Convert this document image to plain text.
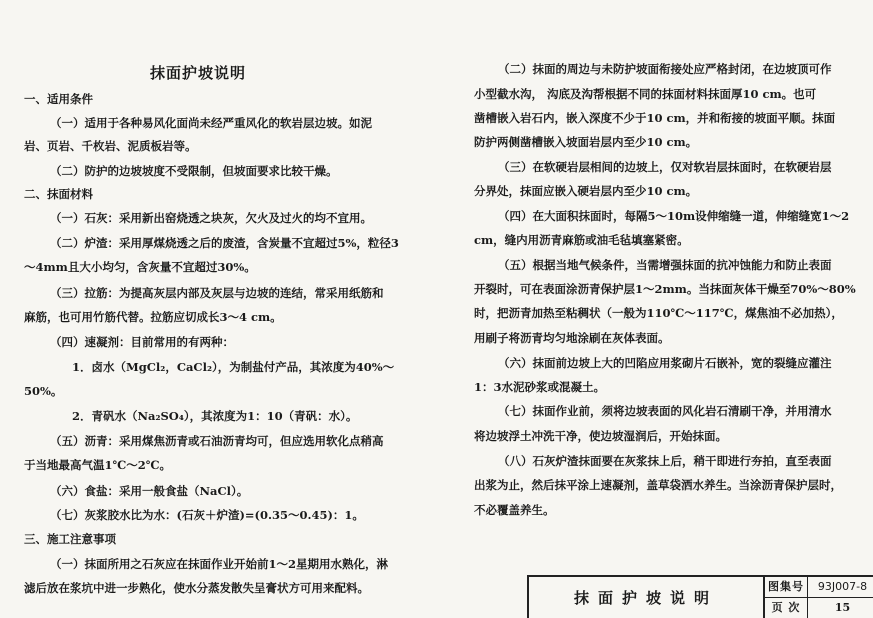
抹面护坡说明
一、适用条件
（一）适用于各种易风化面尚未经严重风化的软岩层边坡。如泥
岩、页岩、千枚岩、泥质板岩等。
（二）防护的边坡坡度不受限制，但坡面要求比较干燥。
二、抹面材料
（一）石灰：采用新出窑烧透之块灰，欠火及过火的均不宜用。
（二）炉渣：采用厚煤烧透之后的废渣，含炭量不宜超过5%，粒径3
～4mm且大小均匀，含灰量不宜超过30%。
（三）拉筋：为提高灰层内部及灰层与边坡的连结，常采用纸筋和
麻筋，也可用竹筋代替。拉筋应切成长3～4 cm。
（四）速凝剂：目前常用的有两种：
1．卤水（MgCl₂，CaCl₂），为制盐付产品，其浓度为40%～
50%。
2．青矾水（Na₂SO₄），其浓度为1：10（青矾：水）。
（五）沥青：采用煤焦沥青或石油沥青均可，但应选用软化点稍高
于当地最高气温1℃～2℃。
（六）食盐：采用一般食盐（NaCl）。
（七）灰浆胶水比为水：(石灰＋炉渣)=(0.35～0.45)：1。
三、施工注意事项
（一）抹面所用之石灰应在抹面作业开始前1～2星期用水熟化，淋
滤后放在浆坑中进一步熟化，使水分蒸发散失呈膏状方可用来配料。
（二）抹面的周边与未防护坡面衔接处应严格封闭，在边坡顶可作
小型截水沟， 沟底及沟帮根据不同的抹面材料抹面厚10 cm。也可
凿槽嵌入岩石内，嵌入深度不少于10 cm，并和衔接的坡面平顺。抹面
防护两侧凿槽嵌入坡面岩层内至少10 cm。
（三）在软硬岩层相间的边坡上，仅对软岩层抹面时，在软硬岩层
分界处，抹面应嵌入硬岩层内至少10 cm。
（四）在大面积抹面时，每隔5～10m设伸缩缝一道，伸缩缝宽1～2
cm，缝内用沥青麻筋或油毛毡填塞紧密。
（五）根据当地气候条件，当需增强抹面的抗冲蚀能力和防止表面
开裂时，可在表面涂沥青保护层1～2mm。当抹面灰体干燥至70%～80%
时，把沥青加热至粘稠状（一般为110℃～117℃，煤焦油不必加热），
用刷子将沥青均匀地涂刷在灰体表面。
（六）抹面前边坡上大的凹陷应用浆砌片石嵌补，宽的裂缝应灌注
1：3水泥砂浆或混凝土。
（七）抹面作业前，须将边坡表面的风化岩石清刷干净，并用清水
将边坡浮土冲洗干净，使边坡湿润后，开始抹面。
（八）石灰炉渣抹面要在灰浆抹上后，稍干即进行夯拍，直至表面
出浆为止，然后抹平涂上速凝剂，盖草袋洒水养生。当涂沥青保护层时，
不必覆盖养生。
抹面护坡说明
图集号	93J007-8
页 次	15
